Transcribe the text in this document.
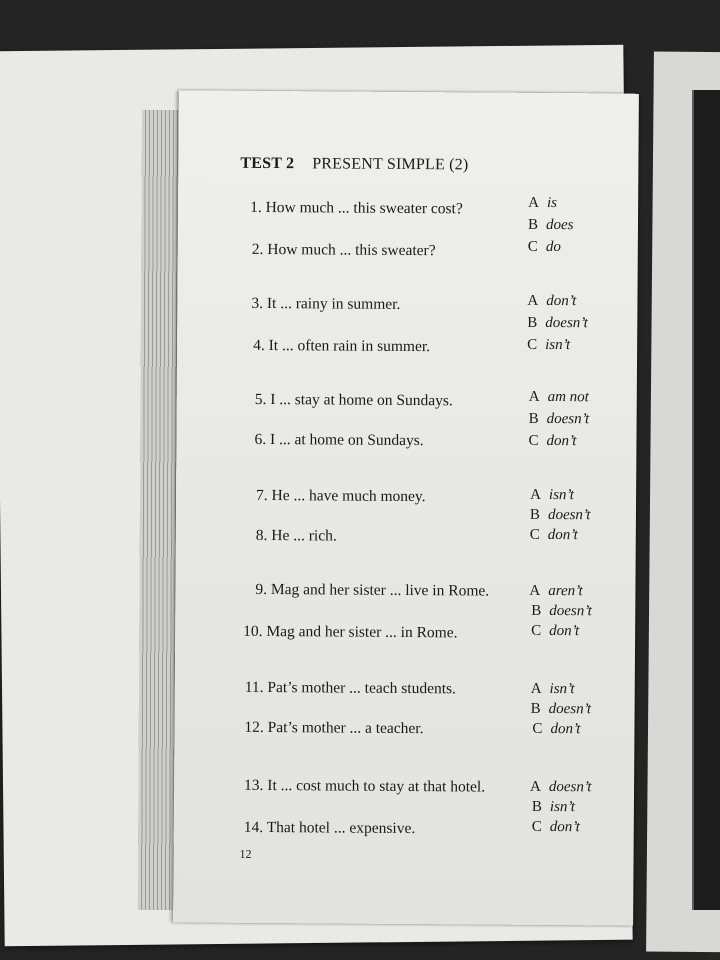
TEST 2 PRESENT SIMPLE (2)
1. How much ... this sweater cost?
2. How much ... this sweater?
A is
B does
C do
3. It ... rainy in summer.
4. It ... often rain in summer.
A don’t
B doesn’t
C isn’t
5. I ... stay at home on Sundays.
6. I ... at home on Sundays.
A am not
B doesn’t
C don’t
7. He ... have much money.
8. He ... rich.
A isn’t
B doesn’t
C don’t
9. Mag and her sister ... live in Rome.
10. Mag and her sister ... in Rome.
A aren’t
B doesn’t
C don’t
11. Pat’s mother ... teach students.
12. Pat’s mother ... a teacher.
A isn’t
B doesn’t
C don’t
13. It ... cost much to stay at that hotel.
14. That hotel ... expensive.
A doesn’t
B isn’t
C don’t
12
